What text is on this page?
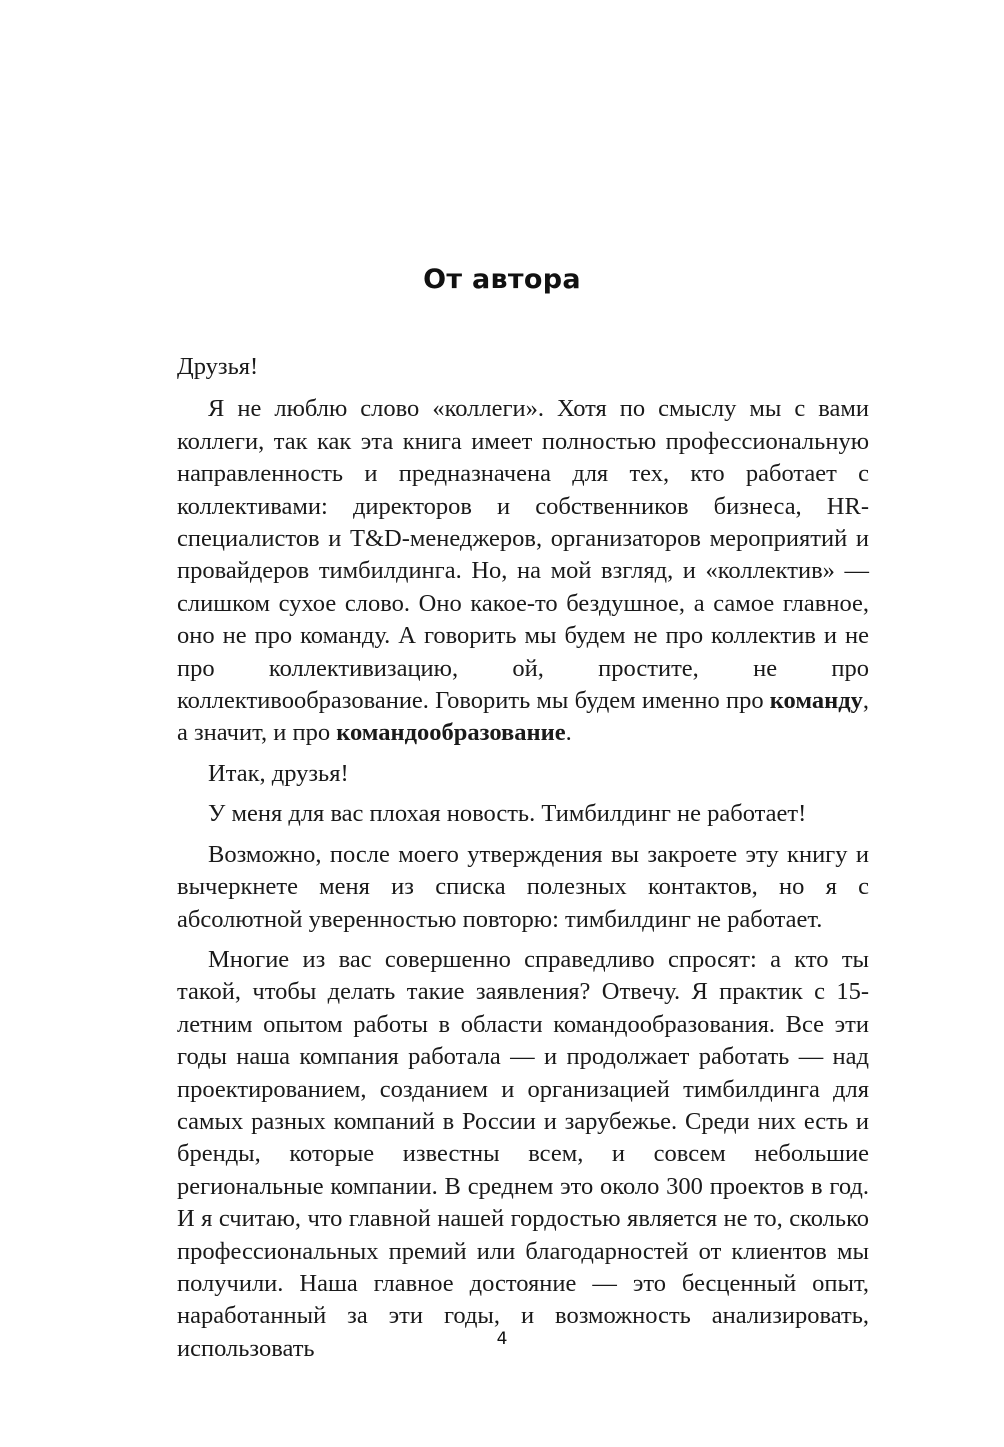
От автора

Друзья!

Я не люблю слово «коллеги». Хотя по смыслу мы с вами коллеги, так как эта книга имеет полностью профессиональную направленность и предназначена для тех, кто работает с коллективами: директоров и собственников бизнеса, HR-специалистов и T&D-менеджеров, организаторов мероприятий и провайдеров тимбилдинга. Но, на мой взгляд, и «коллектив» — слишком сухое слово. Оно какое-то бездушное, а самое главное, оно не про команду. А говорить мы будем не про коллектив и не про коллективизацию, ой, простите, не про коллективообразование. Говорить мы будем именно про команду, а значит, и про командообразование.

Итак, друзья!

У меня для вас плохая новость. Тимбилдинг не работает!

Возможно, после моего утверждения вы закроете эту книгу и вычеркнете меня из списка полезных контактов, но я с абсолютной уверенностью повторю: тимбилдинг не работает.

Многие из вас совершенно справедливо спросят: а кто ты такой, чтобы делать такие заявления? Отвечу. Я практик с 15-летним опытом работы в области командообразования. Все эти годы наша компания работала — и продолжает работать — над проектированием, созданием и организацией тимбилдинга для самых разных компаний в России и зарубежье. Среди них есть и бренды, которые известны всем, и совсем небольшие региональные компании. В среднем это около 300 проектов в год. И я считаю, что главной нашей гордостью является не то, сколько профессиональных премий или благодарностей от клиентов мы получили. Наша главное достояние — это бесценный опыт, наработанный за эти годы, и возможность анализировать, использовать	4
